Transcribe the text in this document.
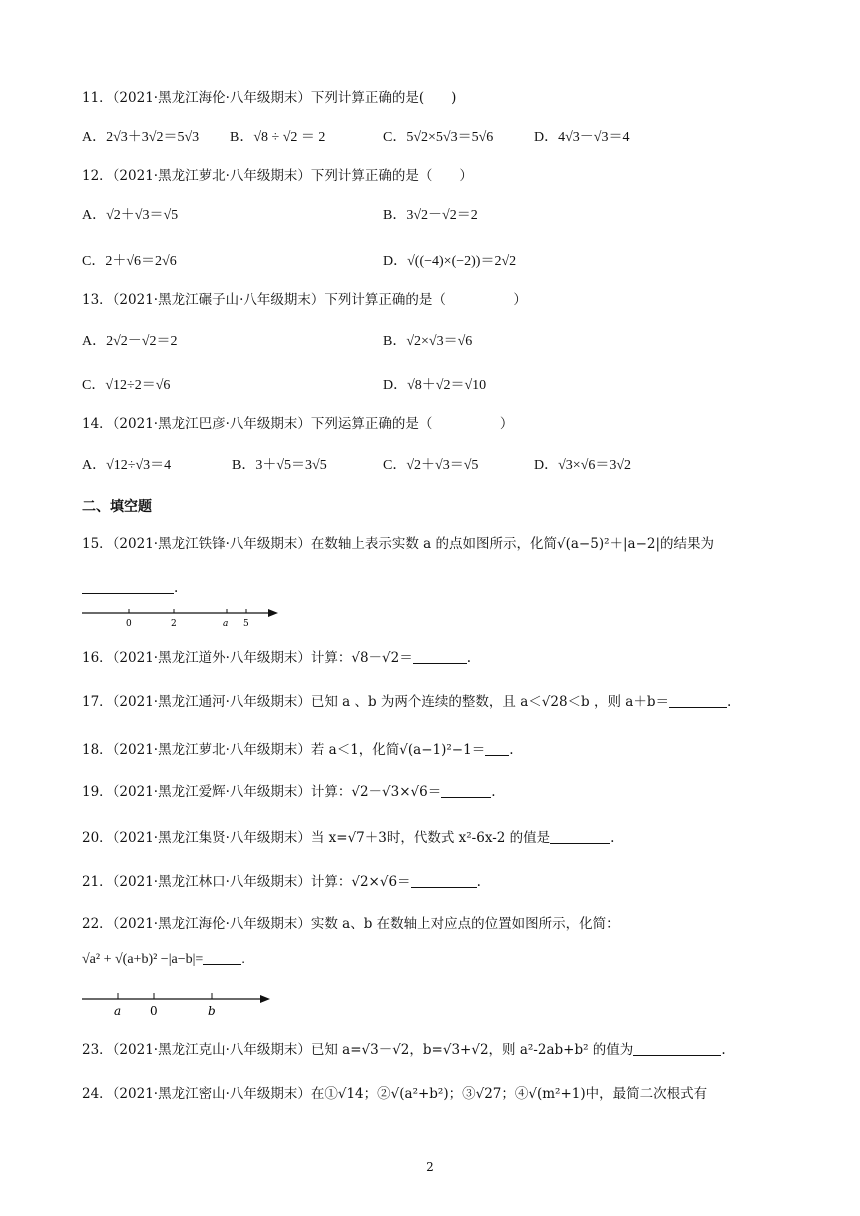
11．（2021·黑龙江海伦·八年级期末）下列计算正确的是(　　)
A．2√3＋3√2＝5√3 B．√8 ÷ √2 ＝ 2	C．5√2×5√3＝5√6	D．4√3－√3＝4
12．（2021·黑龙江萝北·八年级期末）下列计算正确的是（　　）
A．√2＋√3＝√5	B．3√2－√2＝2
C．2＋√6＝2√6	D．√((−4)×(−2))＝2√2
13．（2021·黑龙江碾子山·八年级期末）下列计算正确的是（　　　　　）
A．2√2－√2＝2	B．√2×√3＝√6
C．√12÷2＝√6	D．√8＋√2＝√10
14．（2021·黑龙江巴彦·八年级期末）下列运算正确的是（　　　　　）
A．√12÷√3＝4	B．3＋√5＝3√5	C．√2＋√3＝√5	D．√3×√6＝3√2
二、填空题
15．（2021·黑龙江铁锋·八年级期末）在数轴上表示实数 a 的点如图所示，化简√(a−5)²＋|a−2|的结果为
.
0	2	a 5
16．（2021·黑龙江道外·八年级期末）计算：√8－√2＝	.
17．（2021·黑龙江通河·八年级期末）已知 a 、b 为两个连续的整数，且 a＜√28＜b ，则 a＋b＝	.
18．（2021·黑龙江萝北·八年级期末）若 a＜1，化简√(a−1)²−1＝ .
19．（2021·黑龙江爱辉·八年级期末）计算：√2－√3×√6＝	.
20．（2021·黑龙江集贤·八年级期末）当 x=√7＋3时，代数式 x²-6x-2 的值是	.
21．（2021·黑龙江林口·八年级期末）计算：√2×√6＝	.
22．（2021·黑龙江海伦·八年级期末）实数 a、b 在数轴上对应点的位置如图所示，化简：
√a² + √(a+b)² −|a−b|=	.
a 0	b
23．（2021·黑龙江克山·八年级期末）已知 a=√3－√2，b=√3+√2，则 a²-2ab+b² 的值为	.
24．（2021·黑龙江密山·八年级期末）在①√14；②√(a²+b²)；③√27；④√(m²+1)中，最简二次根式有
2
